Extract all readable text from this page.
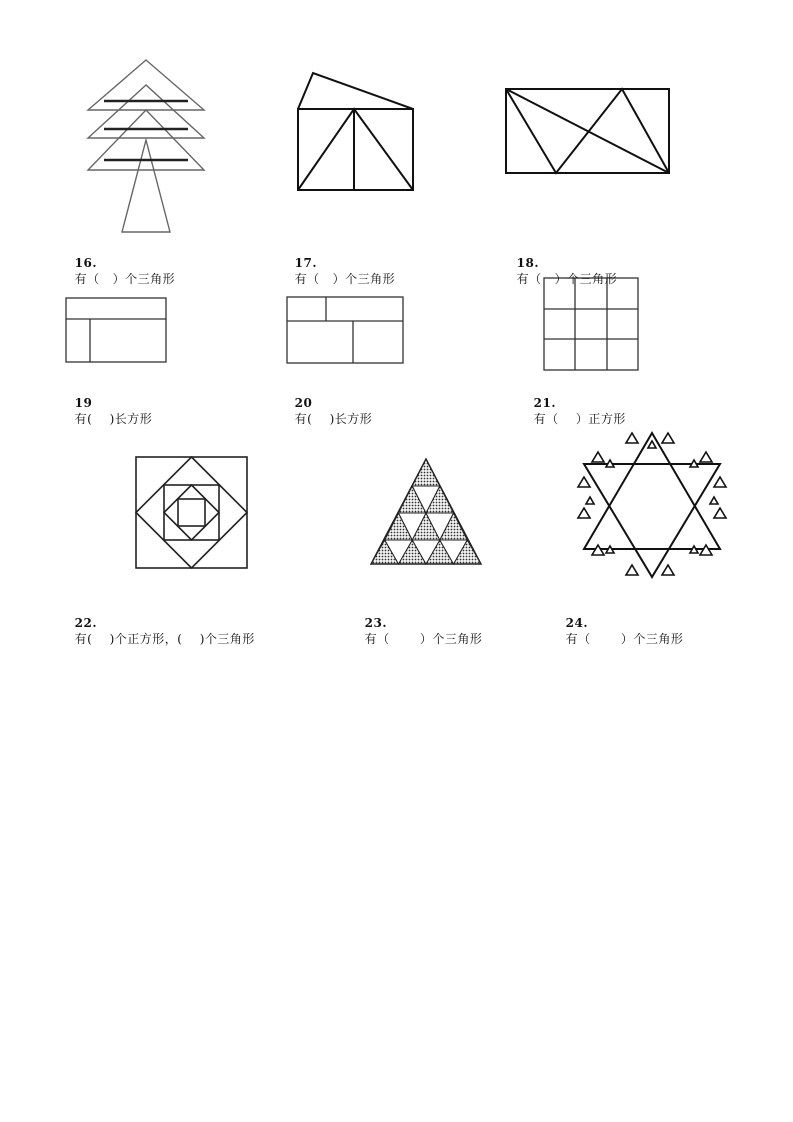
16.
有（   ）个三角形

17.
有（   ）个三角形

18.
有（   ）个三角形

19
有(    )长方形

20
有(    )长方形

21.
有（    ）正方形

22.
有(    )个正方形，(    )个三角形

23.
有（       ）个三角形

24.
有（       ）个三角形
